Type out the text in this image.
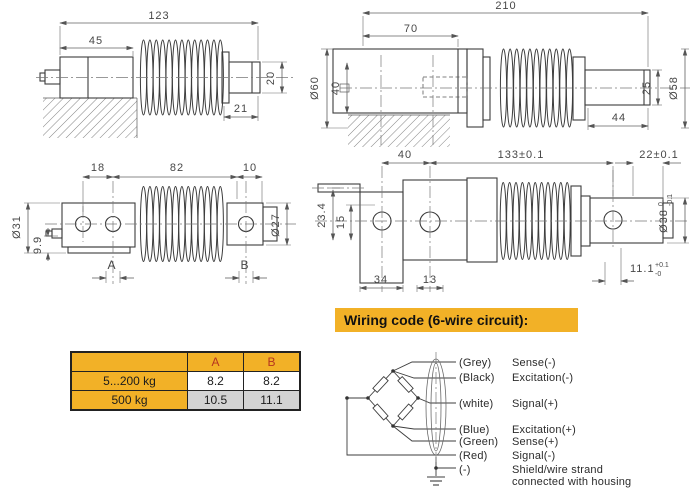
123
45
20
21
210
70
Ø60 40	25 Ø58
44
18	82	10
Ø31
9.9
A	B
Ø27
40	133±0.1	22±0.1
23.4 15
34	13
Ø38
0 -0.1
11.1 +0.1
-0
Wiring code (6-wire circuit):
	A	B
5...200 kg	8.2	8.2
500 kg	10.5	11.1
(Grey) Sense(-)
(Black) Excitation(-)
(white) Signal(+)
(Blue) Excitation(+)
(Green) Sense(+)
(Red) Signal(-)
(-)	Shield/wire strand
connected with housing
